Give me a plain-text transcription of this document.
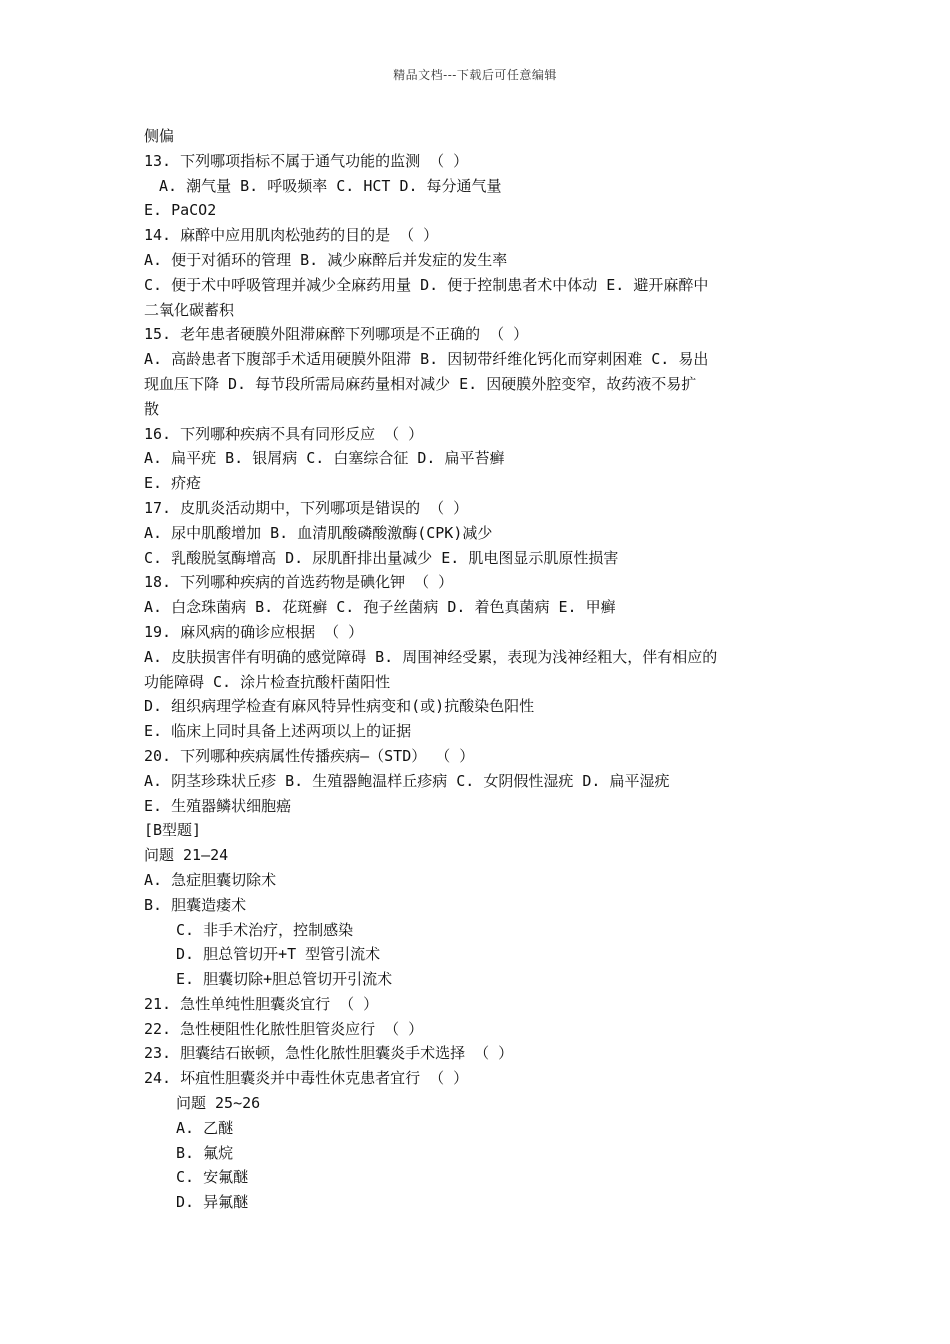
精品文档---下载后可任意编辑
侧偏
13. 下列哪项指标不属于通气功能的监测 （ ）
A. 潮气量 B. 呼吸频率 C. HCT D. 每分通气量
E. PaCO2
14. 麻醉中应用肌肉松弛药的目的是 （ ）
A. 便于对循环的管理 B. 减少麻醉后并发症的发生率
C. 便于术中呼吸管理并减少全麻药用量 D. 便于控制患者术中体动 E. 避开麻醉中
二氧化碳蓄积
15. 老年患者硬膜外阻滞麻醉下列哪项是不正确的 （ ）
A. 高龄患者下腹部手术适用硬膜外阻滞 B. 因韧带纤维化钙化而穿刺困难 C. 易出
现血压下降 D. 每节段所需局麻药量相对减少 E. 因硬膜外腔变窄，故药液不易扩
散
16. 下列哪种疾病不具有同形反应 （ ）
A. 扁平疣 B. 银屑病 C. 白塞综合征 D. 扁平苔癣
E. 疥疮
17. 皮肌炎活动期中，下列哪项是错误的 （ ）
A. 尿中肌酸增加 B. 血清肌酸磷酸激酶(CPK)减少
C. 乳酸脱氢酶增高 D. 尿肌酐排出量减少 E. 肌电图显示肌原性损害
18. 下列哪种疾病的首选药物是碘化钾 （ ）
A. 白念珠菌病 B. 花斑癣 C. 孢子丝菌病 D. 着色真菌病 E. 甲癣
19. 麻风病的确诊应根据 （ ）
A. 皮肤损害伴有明确的感觉障碍 B. 周围神经受累，表现为浅神经粗大，伴有相应的
功能障碍 C. 涂片检查抗酸杆菌阳性
D. 组织病理学检查有麻风特异性病变和(或)抗酸染色阳性
E. 临床上同时具备上述两项以上的证据
20. 下列哪种疾病属性传播疾病—（STD） （ ）
A. 阴茎珍珠状丘疹 B. 生殖器鲍温样丘疹病 C. 女阴假性湿疣 D. 扁平湿疣
E. 生殖器鳞状细胞癌
[B型题]
问题 21—24
A. 急症胆囊切除术
B. 胆囊造瘘术
C. 非手术治疗，控制感染
D. 胆总管切开+T 型管引流术
E. 胆囊切除+胆总管切开引流术
21. 急性单纯性胆囊炎宜行 （ ）
22. 急性梗阻性化脓性胆管炎应行 （ ）
23. 胆囊结石嵌顿，急性化脓性胆囊炎手术选择 （ ）
24. 坏疽性胆囊炎并中毒性休克患者宜行 （ ）
问题 25~26
A. 乙醚
B. 氟烷
C. 安氟醚
D. 异氟醚
